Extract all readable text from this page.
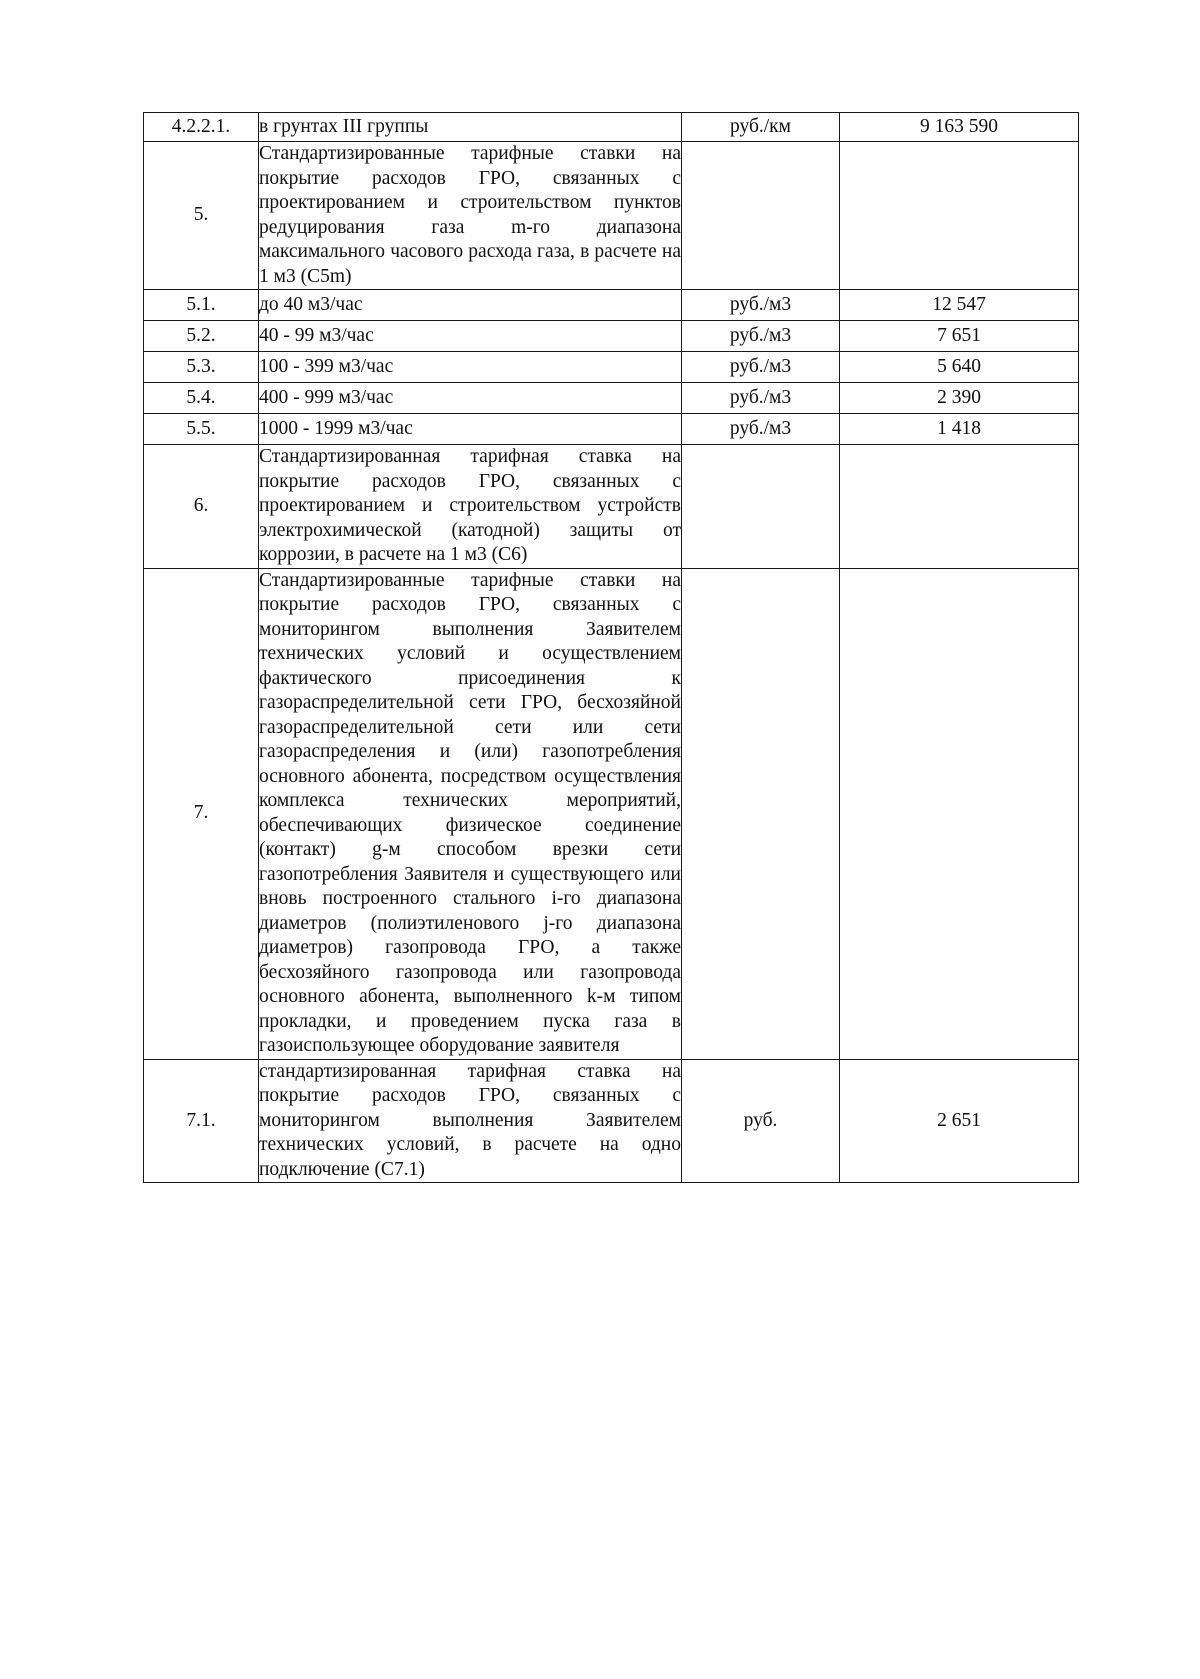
4.2.2.1.	в грунтах III группы	руб./км	9 163 590
5.	Стандартизированные тарифные ставки на покрытие расходов ГРО, связанных с проектированием и строительством пунктов редуцирования газа m-го диапазона максимального часового расхода газа, в расчете на 1 м3 (С5m)		
5.1.	до 40 м3/час	руб./м3	12 547
5.2.	40 - 99 м3/час	руб./м3	7 651
5.3.	100 - 399 м3/час	руб./м3	5 640
5.4.	400 - 999 м3/час	руб./м3	2 390
5.5.	1000 - 1999 м3/час	руб./м3	1 418
6.	Стандартизированная тарифная ставка на покрытие расходов ГРО, связанных с проектированием и строительством устройств электрохимической (катодной) защиты от коррозии, в расчете на 1 м3 (С6)		
7.	Стандартизированные тарифные ставки на покрытие расходов ГРО, связанных с мониторингом выполнения Заявителем технических условий и осуществлением фактического присоединения к газораспределительной сети ГРО, бесхозяйной газораспределительной сети или сети газораспределения и (или) газопотребления основного абонента, посредством осуществления комплекса технических мероприятий, обеспечивающих физическое соединение (контакт) g-м способом врезки сети газопотребления Заявителя и существующего или вновь построенного стального i-го диапазона диаметров (полиэтиленового j-го диапазона диаметров) газопровода ГРО, а также бесхозяйного газопровода или газопровода основного абонента, выполненного k-м типом прокладки, и проведением пуска газа в газоиспользующее оборудование заявителя		
7.1.	стандартизированная тарифная ставка на покрытие расходов ГРО, связанных с мониторингом выполнения Заявителем технических условий, в расчете на одно подключение (С7.1)	руб.	2 651
